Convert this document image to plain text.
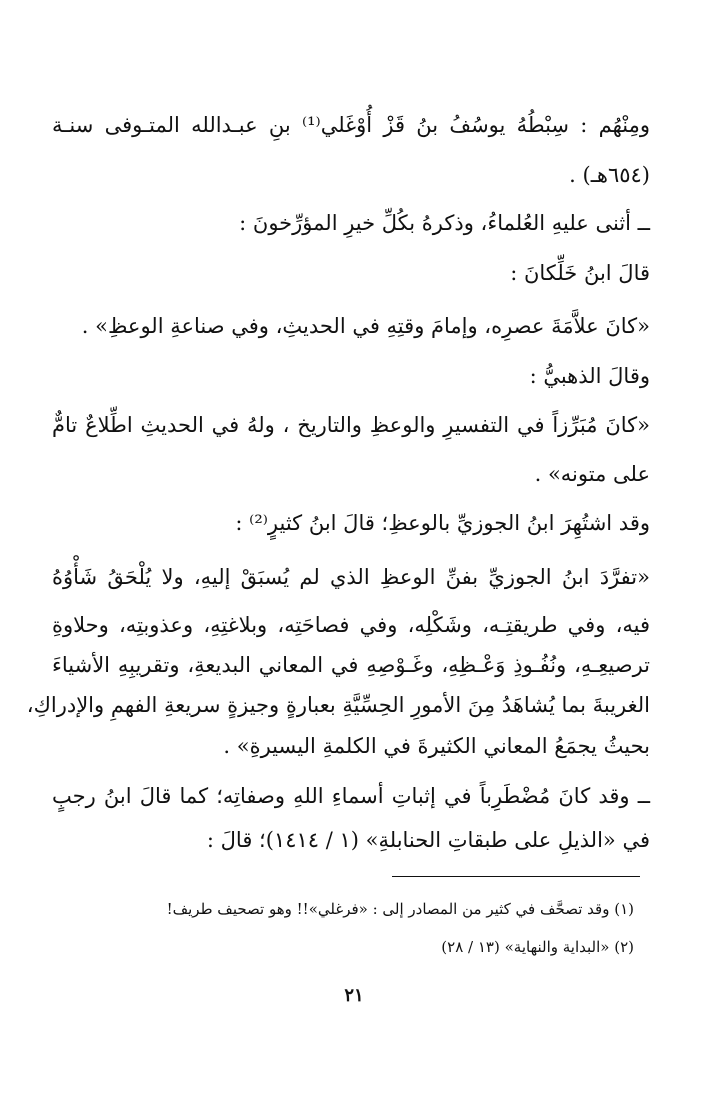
ومِنْهُم : سِبْطُهُ يوسُفُ بنُ قَزْ أُوْغَلي⁽¹⁾ بنِ عبـدالله المتـوفى سنـة
(٦٥٤هـ) .
ــ أثنى عليهِ العُلماءُ، وذكرهُ بكُلِّ خيرِ المؤرِّخونَ :
قالَ ابنُ خَلِّكانَ :
«كانَ علاَّمَةَ عصرِه، وإمامَ وقتِهِ في الحديثِ، وفي صناعةِ الوعظِ» .
وقالَ الذهبيُّ :
«كانَ مُبَرِّزاً في التفسيرِ والوعظِ والتاريخ ، ولهُ في الحديثِ اطِّلاعٌ تامٌّ
على متونه» .
وقد اشتُهِرَ ابنُ الجوزيِّ بالوعظِ؛ قالَ ابنُ كثيرٍ⁽²⁾ :
«تفرَّدَ ابنُ الجوزيِّ بفنِّ الوعظِ الذي لم يُسبَقْ إليهِ، ولا يُلْحَقُ شَأْوُهُ
فيه، وفي طريقتِـه، وشَكْلِه، وفي فصاحَتِه، وبلاغتِهِ، وعذوبتِه، وحلاوةِ
ترصيعِـهِ، ونُفُـوذِ وَعْـظِهِ، وغَـوْصِهِ في المعاني البديعةِ، وتقريبِهِ الأشياءَ
الغريبةَ بما يُشاهَدُ مِنَ الأمورِ الحِسِّيَّةِ بعبارةٍ وجيزةٍ سريعةِ الفهمِ والإدراكِ،
بحيثُ يجمَعُ المعاني الكثيرةَ في الكلمةِ اليسيرةِ» .
ــ وقد كانَ مُضْطَرِباً في إثباتِ أسماءِ اللهِ وصفاتِه؛ كما قالَ ابنُ رجبٍ
في «الذيلِ على طبقاتِ الحنابلةِ» (١ / ١٤١٤)؛ قالَ :
(١) وقد تصحَّف في كثير من المصادر إلى : «فرغلي»!! وهو تصحيف طريف!
(٢) «البداية والنهاية» (١٣ / ٢٨)
٢١
